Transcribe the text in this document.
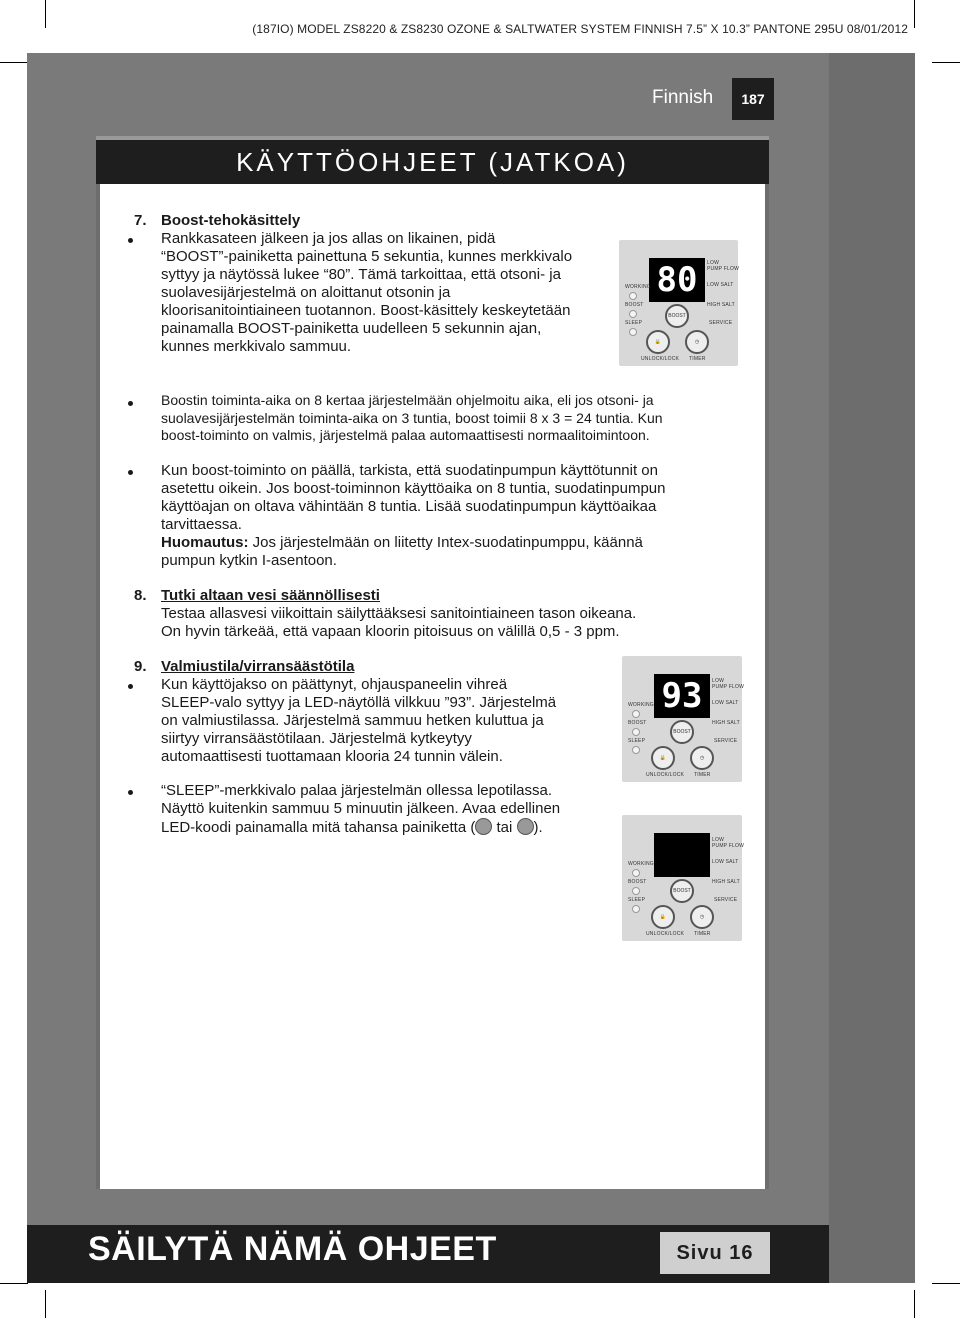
(187IO) MODEL ZS8220 & ZS8230 OZONE & SALTWATER SYSTEM FINNISH 7.5” X 10.3” PANTONE 295U 08/01/2012
Finnish	187
KÄYTTÖOHJEET (JATKOA)
7. Boost-tehokäsittely
Rankkasateen jälkeen ja jos allas on likainen, pidä
“BOOST”-painiketta painettuna 5 sekuntia, kunnes merkkivalo
syttyy ja näytössä lukee “80”. Tämä tarkoittaa, että otsoni- ja
suolavesijärjestelmä on aloittanut otsonin ja
kloorisanitointiaineen tuotannon. Boost-käsittely keskeytetään
painamalla BOOST-painiketta uudelleen 5 sekunnin ajan,
kunnes merkkivalo sammuu.
80	LOW
PUMP FLOW
LOW SALT
HIGH SALT
SERVICE
WORKING
BOOST
SLEEP
BOOST
🔒	◷
UNLOCK/LOCK TIMER
Boostin toiminta-aika on 8 kertaa järjestelmään ohjelmoitu aika, eli jos otsoni- ja
suolavesijärjestelmän toiminta-aika on 3 tuntia, boost toimii 8 x 3 = 24 tuntia. Kun
boost-toiminto on valmis, järjestelmä palaa automaattisesti normaalitoimintoon.
Kun boost-toiminto on päällä, tarkista, että suodatinpumpun käyttötunnit on
asetettu oikein. Jos boost-toiminnon käyttöaika on 8 tuntia, suodatinpumpun
käyttöajan on oltava vähintään 8 tuntia. Lisää suodatinpumpun käyttöaikaa
tarvittaessa.
Huomautus: Jos järjestelmään on liitetty Intex-suodatinpumppu, käännä
pumpun kytkin I-asentoon.
8. Tutki altaan vesi säännöllisesti
Testaa allasvesi viikoittain säilyttääksesi sanitointiaineen tason oikeana.
On hyvin tärkeää, että vapaan kloorin pitoisuus on välillä 0,5 - 3 ppm.
9. Valmiustila/virransäästötila
Kun käyttöjakso on päättynyt, ohjauspaneelin vihreä
SLEEP-valo syttyy ja LED-näytöllä vilkkuu ”93”. Järjestelmä
on valmiustilassa. Järjestelmä sammuu hetken kuluttua ja
siirtyy virransäästötilaan. Järjestelmä kytkeytyy
automaattisesti tuottamaan klooria 24 tunnin välein.
93	LOW
PUMP FLOW
LOW SALT
HIGH SALT
SERVICE
WORKING
BOOST
SLEEP
BOOST
🔒	◷
UNLOCK/LOCK TIMER
“SLEEP”-merkkivalo palaa järjestelmän ollessa lepotilassa.
Näyttö kuitenkin sammuu 5 minuutin jälkeen. Avaa edellinen
LED-koodi painamalla mitä tahansa painiketta ( tai ).
LOW
PUMP FLOW
LOW SALT
HIGH SALT
SERVICE
WORKING
BOOST
SLEEP
BOOST
🔒	◷
UNLOCK/LOCK TIMER
SÄILYTÄ NÄMÄ OHJEET	Sivu 16
